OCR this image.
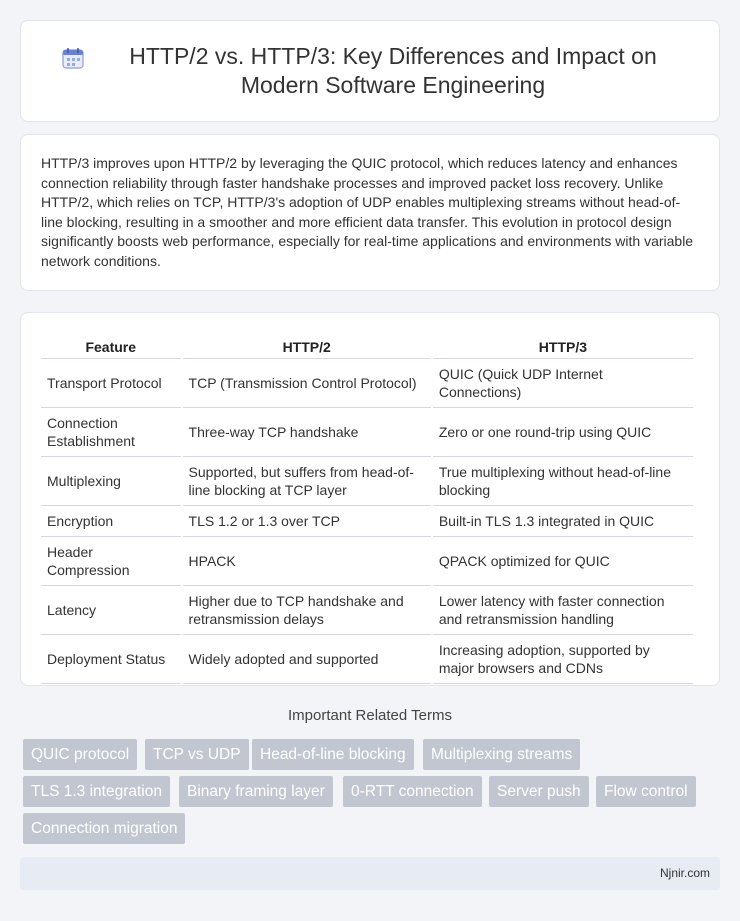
HTTP/2 vs. HTTP/3: Key Differences and Impact on Modern Software Engineering

HTTP/3 improves upon HTTP/2 by leveraging the QUIC protocol, which reduces latency and enhances connection reliability through faster handshake processes and improved packet loss recovery. Unlike HTTP/2, which relies on TCP, HTTP/3's adoption of UDP enables multiplexing streams without head-of-line blocking, resulting in a smoother and more efficient data transfer. This evolution in protocol design significantly boosts web performance, especially for real-time applications and environments with variable network conditions.

Feature	HTTP/2	HTTP/3
Transport Protocol	TCP (Transmission Control Protocol)	QUIC (Quick UDP Internet Connections)
Connection Establishment	Three-way TCP handshake	Zero or one round-trip using QUIC
Multiplexing	Supported, but suffers from head-of-line blocking at TCP layer	True multiplexing without head-of-line blocking
Encryption	TLS 1.2 or 1.3 over TCP	Built-in TLS 1.3 integrated in QUIC
Header Compression	HPACK	QPACK optimized for QUIC
Latency	Higher due to TCP handshake and retransmission delays	Lower latency with faster connection and retransmission handling
Deployment Status	Widely adopted and supported	Increasing adoption, supported by major browsers and CDNs
Important Related Terms
QUIC protocol	TCP vs UDP	Head-of-line blocking	Multiplexing streams
TLS 1.3 integration	Binary framing layer	0-RTT connection	Server push	Flow control
Connection migration
Njnir.com
